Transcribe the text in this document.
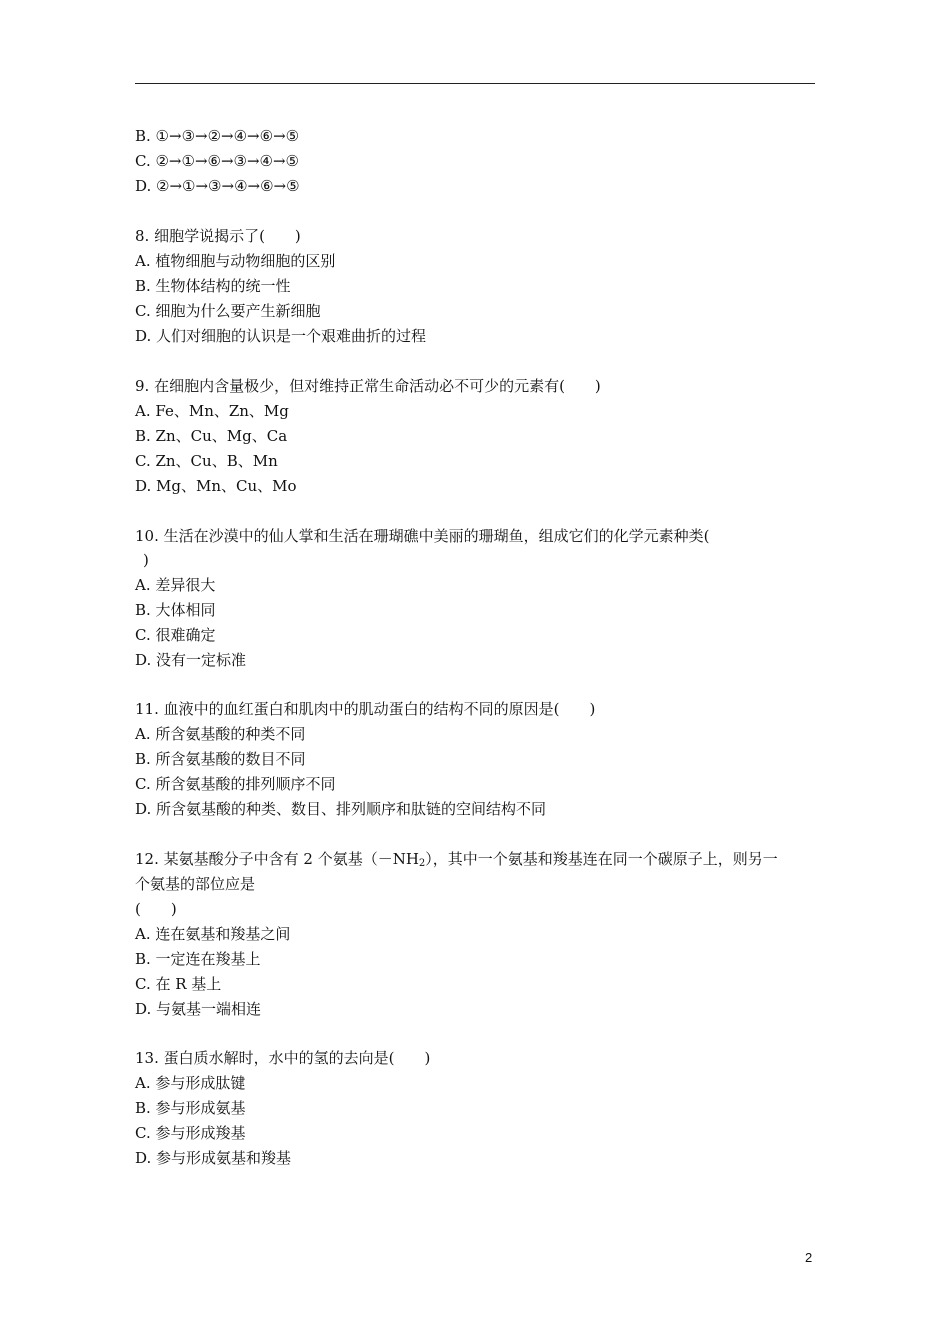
B. ①→③→②→④→⑥→⑤
C. ②→①→⑥→③→④→⑤
D. ②→①→③→④→⑥→⑤
8. 细胞学说揭示了(　　)
A. 植物细胞与动物细胞的区别
B. 生物体结构的统一性
C. 细胞为什么要产生新细胞
D. 人们对细胞的认识是一个艰难曲折的过程
9. 在细胞内含量极少，但对维持正常生命活动必不可少的元素有(　　)
A. Fe、Mn、Zn、Mg
B. Zn、Cu、Mg、Ca
C. Zn、Cu、B、Mn
D. Mg、Mn、Cu、Mo
10. 生活在沙漠中的仙人掌和生活在珊瑚礁中美丽的珊瑚鱼，组成它们的化学元素种类(
)
A. 差异很大
B. 大体相同
C. 很难确定
D. 没有一定标准
11. 血液中的血红蛋白和肌肉中的肌动蛋白的结构不同的原因是(　　)
A. 所含氨基酸的种类不同
B. 所含氨基酸的数目不同
C. 所含氨基酸的排列顺序不同
D. 所含氨基酸的种类、数目、排列顺序和肽链的空间结构不同
12. 某氨基酸分子中含有 2 个氨基$(-NH_2)$，其中一个氨基和羧基连在同一个碳原子上，则另一
个氨基的部位应是
(　　)
A. 连在氨基和羧基之间
B. 一定连在羧基上
C. 在 R 基上
D. 与氨基一端相连
13. 蛋白质水解时，水中的氢的去向是(　　)
A. 参与形成肽键
B. 参与形成氨基
C. 参与形成羧基
D. 参与形成氨基和羧基
2
